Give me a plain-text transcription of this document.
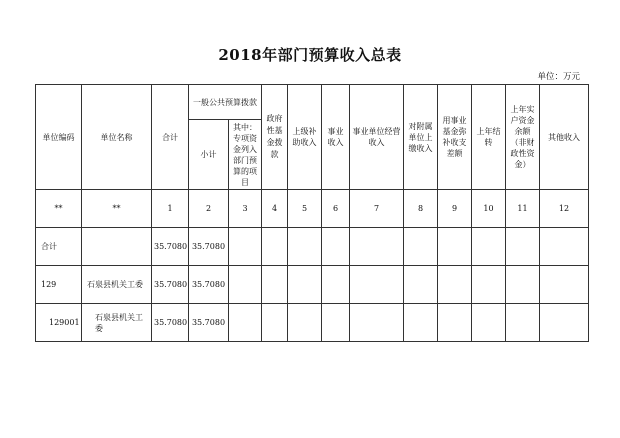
2018年部门预算收入总表
单位：万元
单位编码	单位名称	合计	一般公共预算拨款		政府性基金拨款	上级补助收入	事业收入	事业单位经营收入	对附属单位上缴收入	用事业基金弥补收支差额	上年结转	上年实户资金余额（非财政性资金）	其他收入
			小计	其中：专项资金列入部门预算的项目									
**	**	1	2	3	4	5	6	7	8	9	10	11	12
合计		35.7080	35.7080										
129	石泉县机关工委	35.7080	35.7080										
129001	石泉县机关工委	35.7080	35.7080										
